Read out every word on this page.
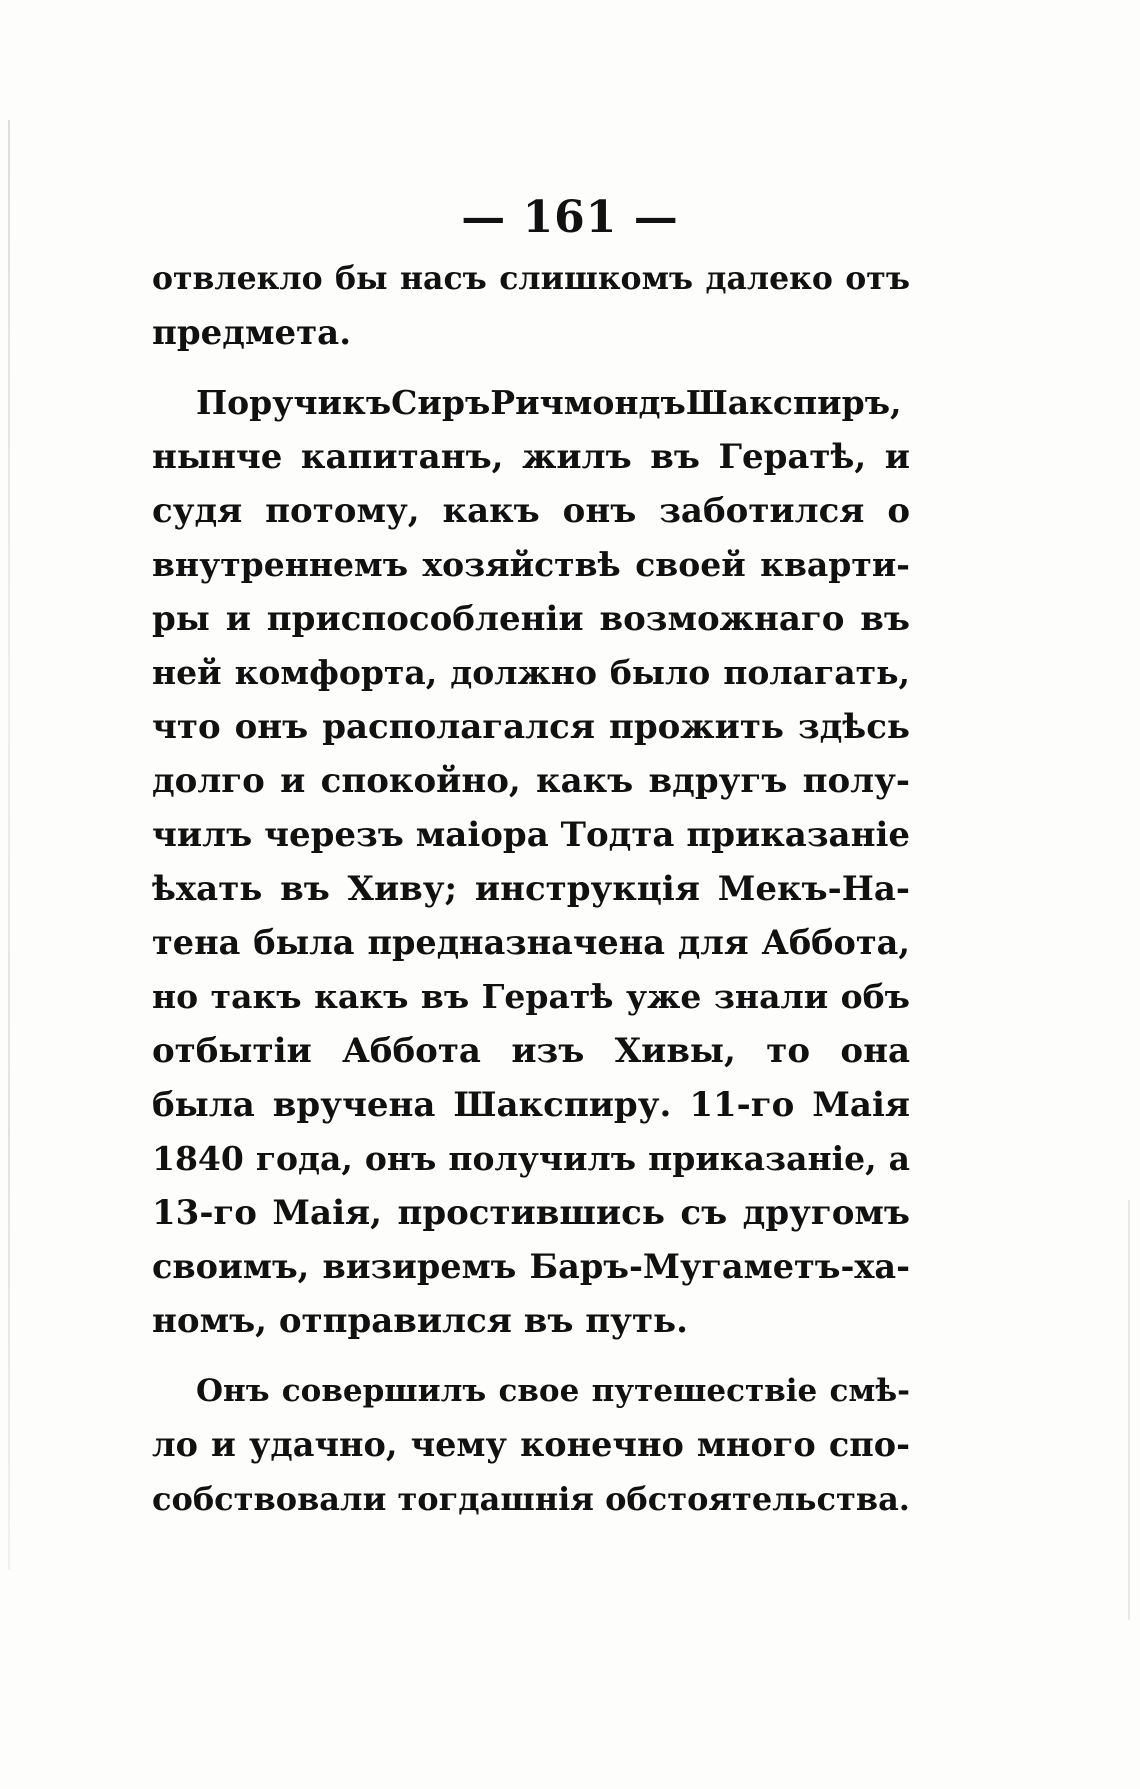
— 161 —
отвлекло бы насъ слишкомъ далеко отъ
предмета.
ПоручикъСиръРичмондъШакспиръ,
нынче капитанъ, жилъ въ Гератѣ, и
судя потому, какъ онъ заботился о
внутреннемъ хозяйствѣ своей кварти-
ры и приспособленіи возможнаго въ
ней комфорта, должно было полагать,
что онъ располагался прожить здѣсь
долго и спокойно, какъ вдругъ полу-
чилъ черезъ маіора Тодта приказаніе
ѣхать въ Хиву; инструкція Мекъ-На-
тена была предназначена для Аббота,
но такъ какъ въ Гератѣ уже знали объ
отбытіи Аббота изъ Хивы, то она
была вручена Шакспиру. 11-го Маія
1840 года, онъ получилъ приказаніе, а
13-го Маія, простившись съ другомъ
своимъ, визиремъ Баръ-Мугаметъ-ха-
номъ, отправился въ путь.
Онъ совершилъ свое путешествіе смѣ-
ло и удачно, чему конечно много спо-
собствовали тогдашнія обстоятельства.
